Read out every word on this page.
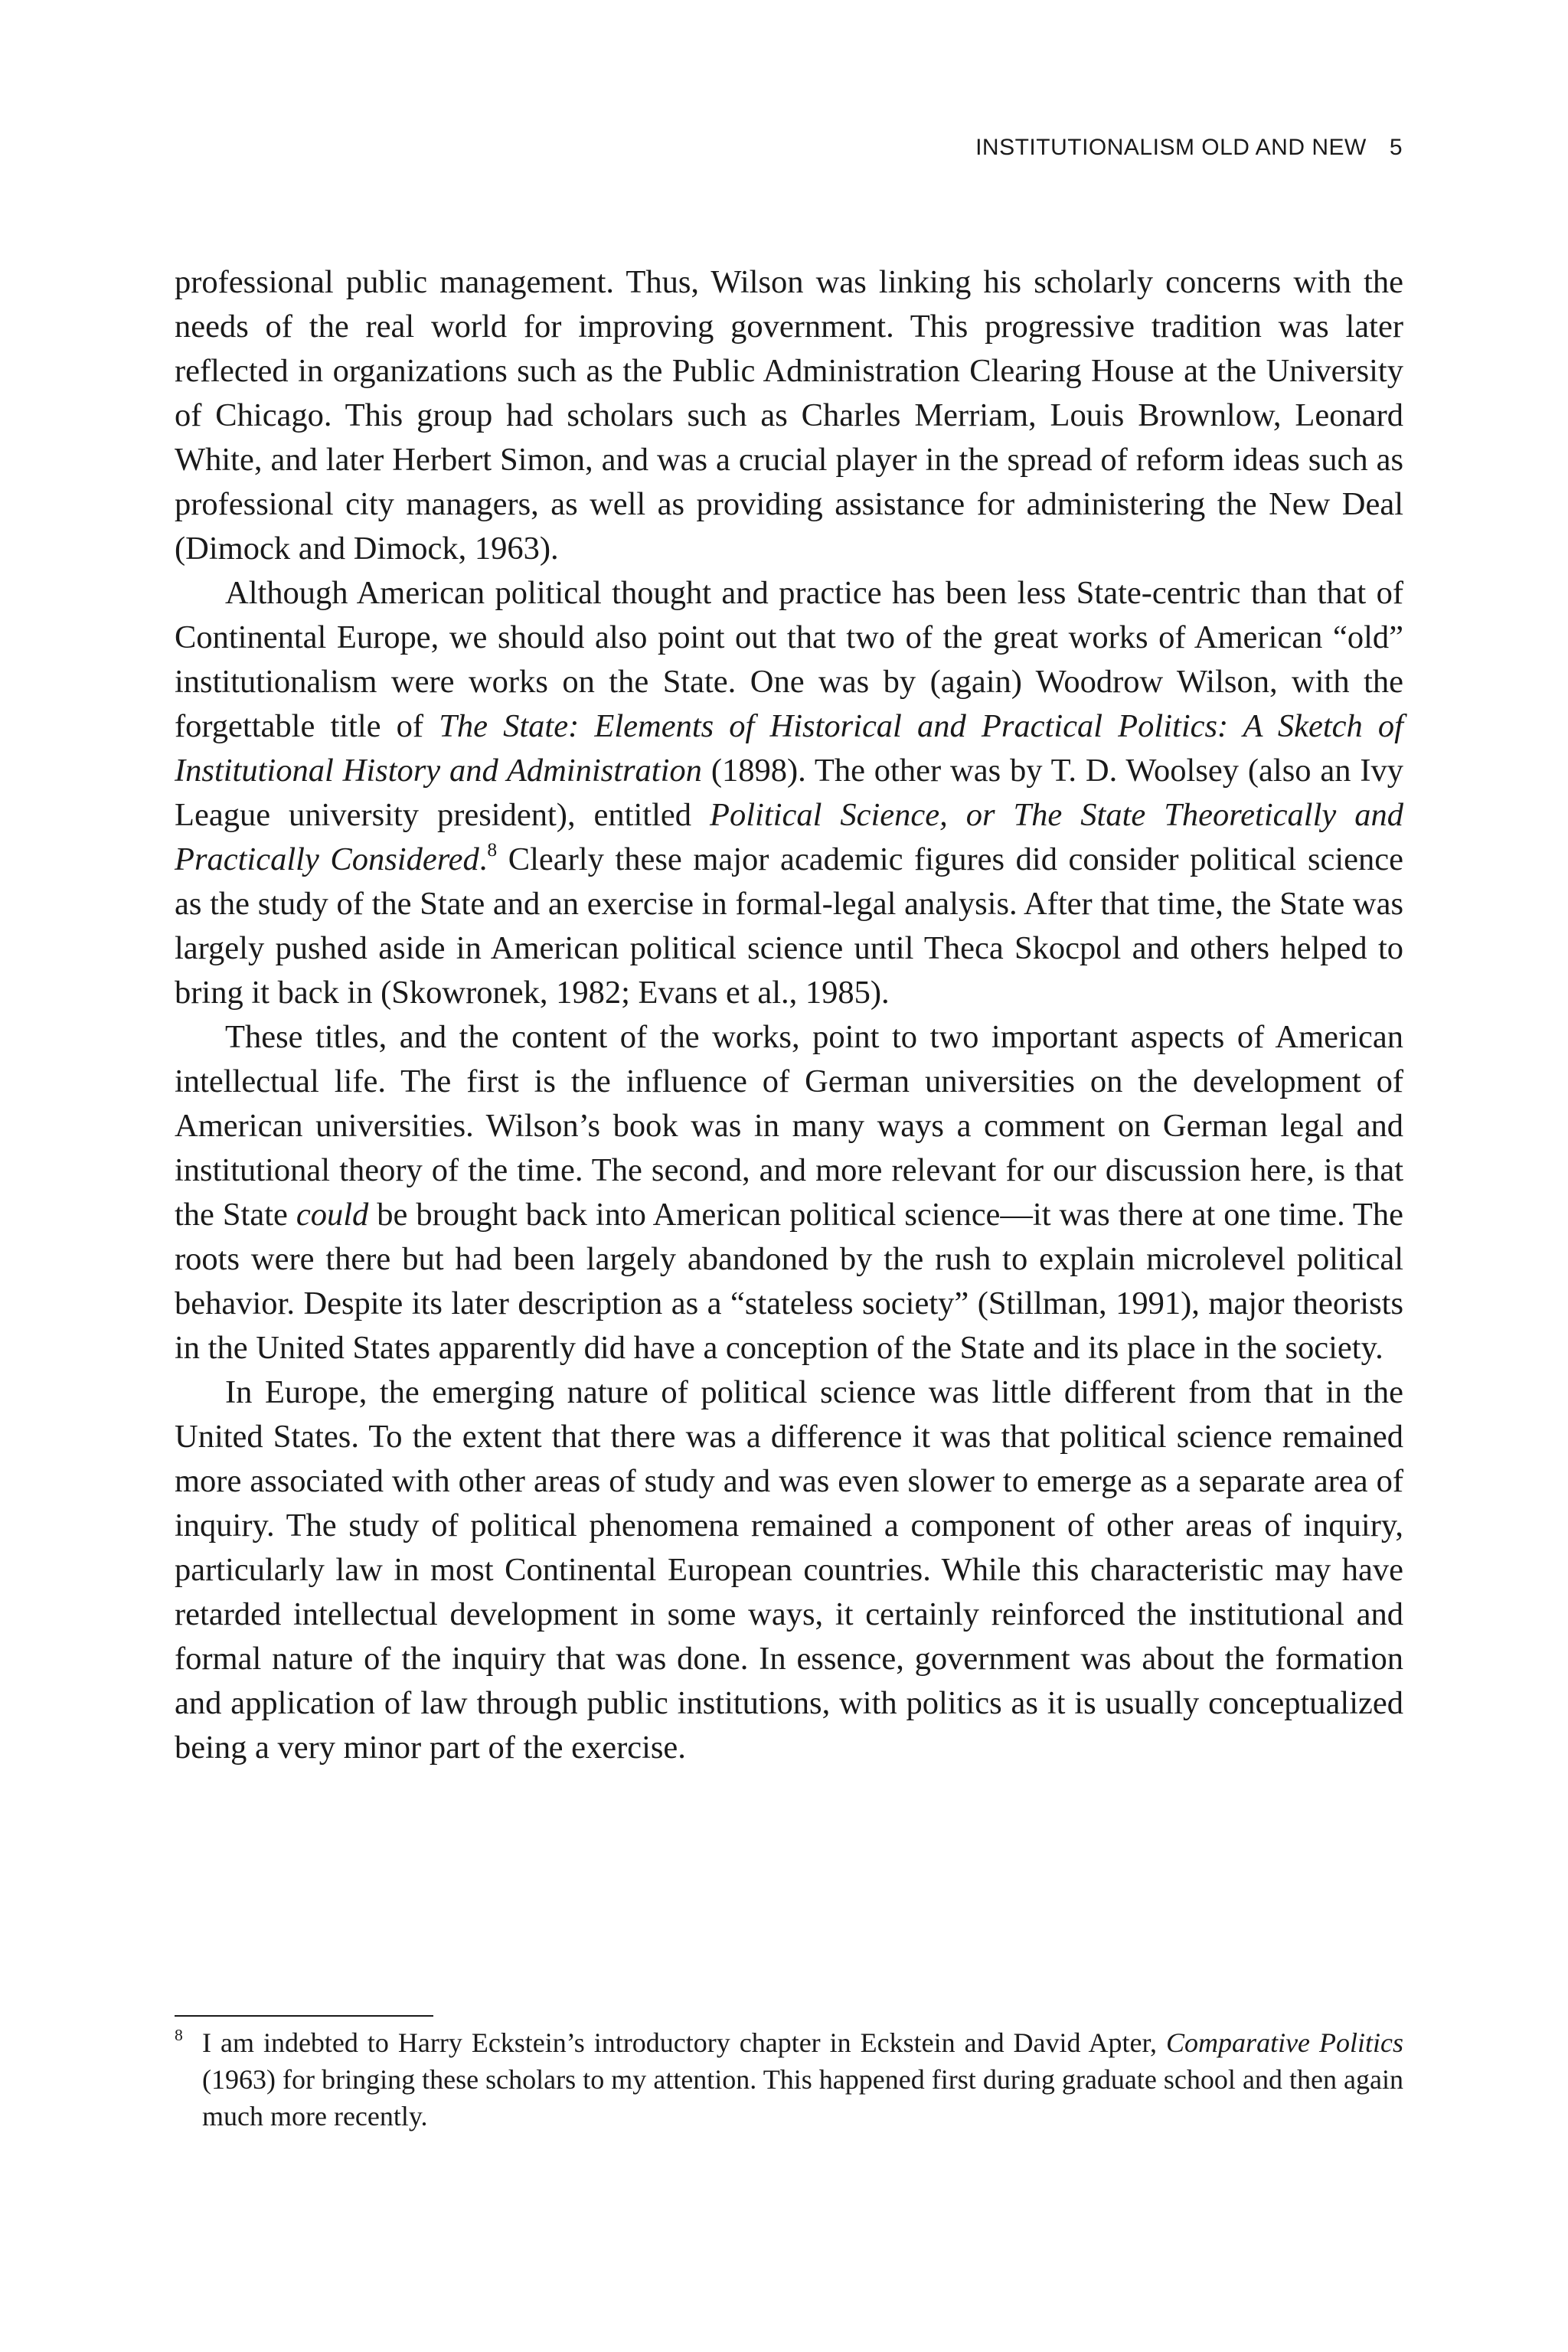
INSTITUTIONALISM OLD AND NEW 5

professional public management. Thus, Wilson was linking his scholarly concerns with the needs of the real world for improving government. This progressive tradition was later reflected in organizations such as the Public Administration Clearing House at the University of Chicago. This group had scholars such as Charles Merriam, Louis Brownlow, Leonard White, and later Herbert Simon, and was a crucial player in the spread of reform ideas such as professional city managers, as well as providing assistance for administering the New Deal (Dimock and Dimock, 1963).

Although American political thought and practice has been less State-centric than that of Continental Europe, we should also point out that two of the great works of American “old” institutionalism were works on the State. One was by (again) Woodrow Wilson, with the forgettable title of The State: Elements of Historical and Practical Politics: A Sketch of Institutional History and Administration (1898). The other was by T. D. Woolsey (also an Ivy League university president), entitled Political Science, or The State Theoretically and Practically Considered.$^8$ Clearly these major academic figures did consider political science as the study of the State and an exercise in formal-legal analysis. After that time, the State was largely pushed aside in American political science until Theca Skocpol and others helped to bring it back in (Skowronek, 1982; Evans et al., 1985).

These titles, and the content of the works, point to two important aspects of American intellectual life. The first is the influence of German universities on the development of American universities. Wilson’s book was in many ways a comment on German legal and institutional theory of the time. The second, and more relevant for our discussion here, is that the State could be brought back into American political science—it was there at one time. The roots were there but had been largely abandoned by the rush to explain microlevel political behavior. Despite its later description as a “stateless society” (Stillman, 1991), major theorists in the United States apparently did have a conception of the State and its place in the society.

In Europe, the emerging nature of political science was little different from that in the United States. To the extent that there was a difference it was that political science remained more associated with other areas of study and was even slower to emerge as a separate area of inquiry. The study of political phenomena remained a component of other areas of inquiry, particularly law in most Continental European countries. While this characteristic may have retarded intellectual development in some ways, it certainly reinforced the institutional and formal nature of the inquiry that was done. In essence, government was about the formation and application of law through public institutions, with politics as it is usually conceptualized being a very minor part of the exercise.

$^8$ I am indebted to Harry Eckstein’s introductory chapter in Eckstein and David Apter, Comparative Politics (1963) for bringing these scholars to my attention. This happened first during graduate school and then again much more recently.
